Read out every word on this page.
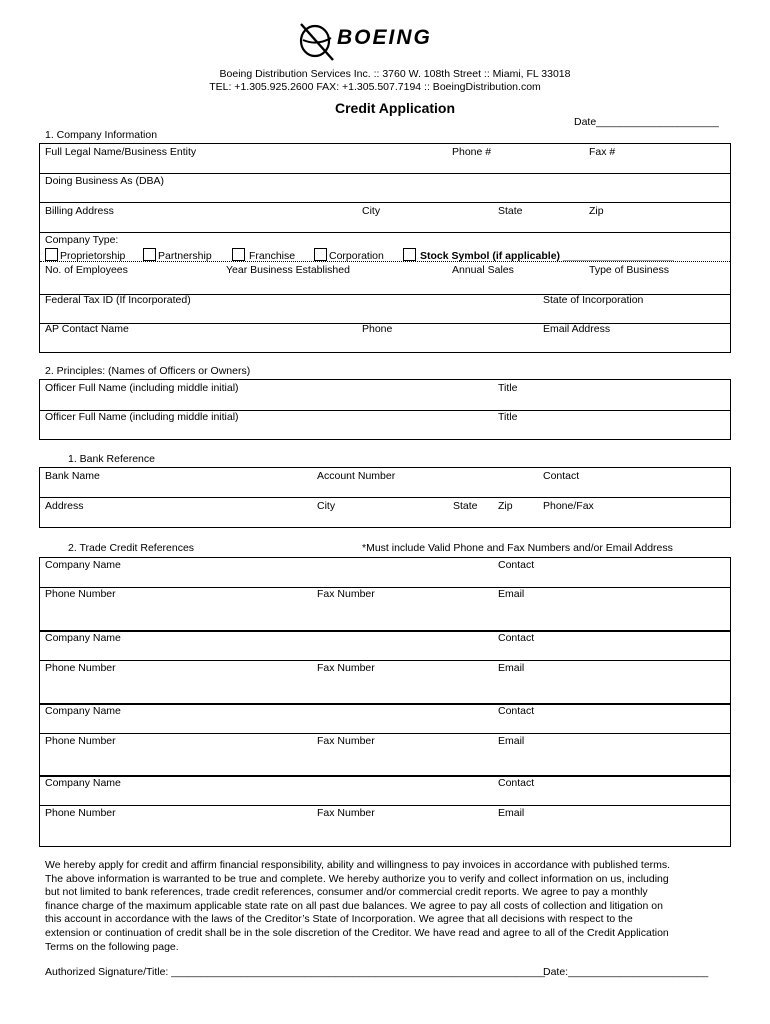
BOEING
Boeing Distribution Services Inc. :: 3760 W. 108th Street :: Miami, FL 33018
TEL: +1.305.925.2600 FAX: +1.305.507.7194 :: BoeingDistribution.com
Credit Application
Date_____________________
1. Company Information
Full Legal Name/Business Entity	Phone #	Fax #
Doing Business As (DBA)
Billing Address	City	State	Zip
Company Type:
Proprietorship	Partnership	Franchise	Corporation	Stock Symbol (if applicable) ___________________
No. of Employees	Year Business Established	Annual Sales	Type of Business
Federal Tax ID (If Incorporated)	State of Incorporation
AP Contact Name	Phone	Email Address
2. Principles: (Names of Officers or Owners)
Officer Full Name (including middle initial)	Title
Officer Full Name (including middle initial)	Title
1. Bank Reference
Bank Name	Account Number	Contact
Address	City	State Zip	Phone/Fax
2. Trade Credit References	*Must include Valid Phone and Fax Numbers and/or Email Address
Company Name	Contact
Phone Number	Fax Number	Email
Company Name	Contact
Phone Number	Fax Number	Email
Company Name	Contact
Phone Number	Fax Number	Email
Company Name	Contact
Phone Number	Fax Number	Email
We hereby apply for credit and affirm financial responsibility, ability and willingness to pay invoices in accordance with published terms.
The above information is warranted to be true and complete. We hereby authorize you to verify and collect information on us, including
but not limited to bank references, trade credit references, consumer and/or commercial credit reports. We agree to pay a monthly
finance charge of the maximum applicable state rate on all past due balances. We agree to pay all costs of collection and litigation on
this account in accordance with the laws of the Creditor’s State of Incorporation. We agree that all decisions with respect to the
extension or continuation of credit shall be in the sole discretion of the Creditor. We have read and agree to all of the Credit Application
Terms on the following page.
Authorized Signature/Title: ________________________________________________________________
Date:________________________
